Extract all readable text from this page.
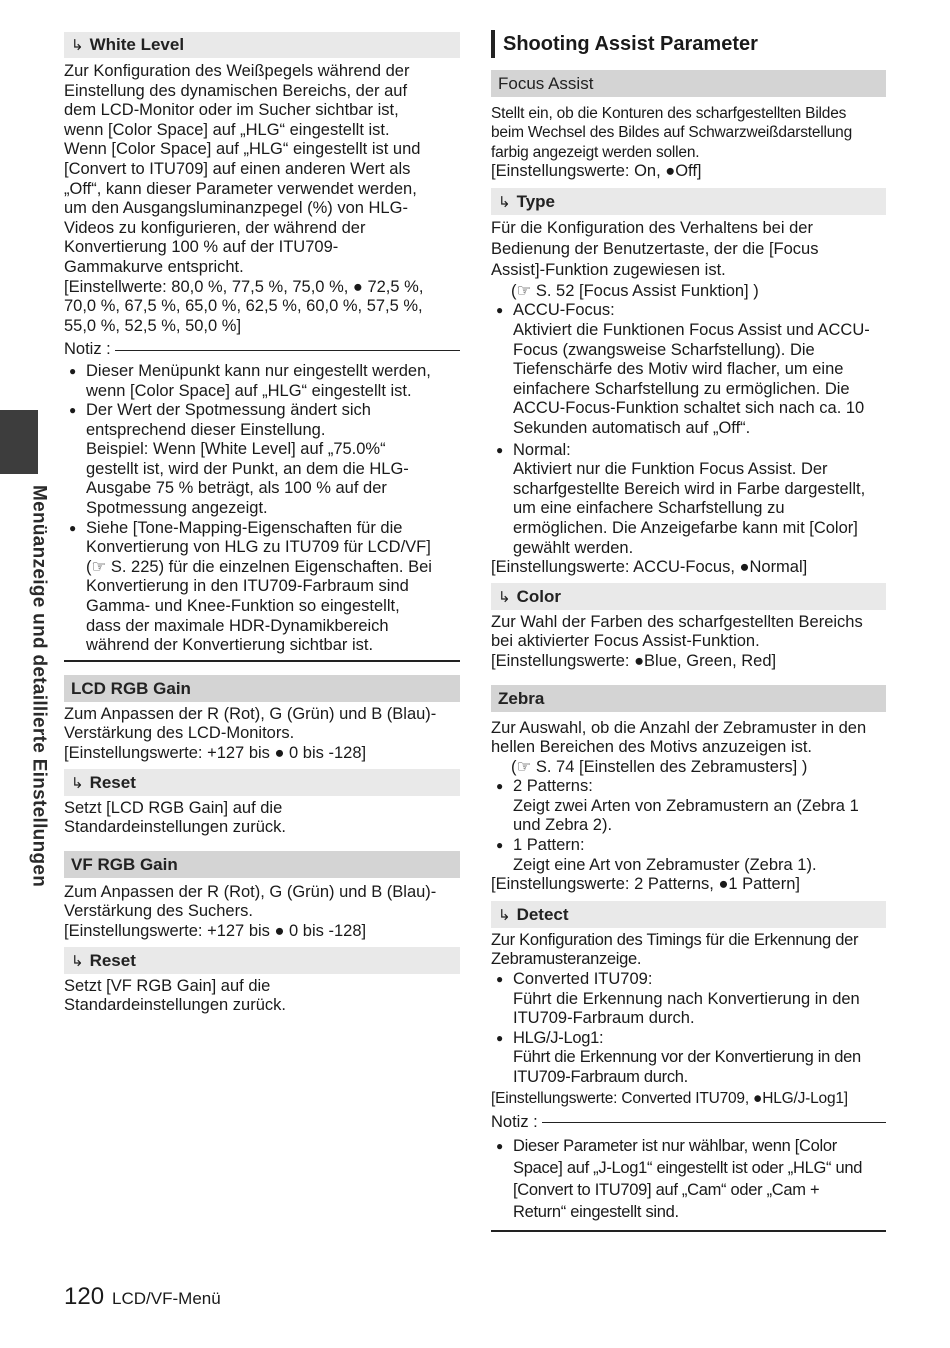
Menüanzeige und detaillierte Einstellungen
↳ White Level

Zur Konfiguration des Weißpegels während der
Einstellung des dynamischen Bereichs, der auf
dem LCD-Monitor oder im Sucher sichtbar ist,
wenn [Color Space] auf „HLG“ eingestellt ist.
Wenn [Color Space] auf „HLG“ eingestellt ist und
[Convert to ITU709] auf einen anderen Wert als
„Off“, kann dieser Parameter verwendet werden,
um den Ausgangsluminanzpegel (%) von HLG-
Videos zu konfigurieren, der während der
Konvertierung 100 % auf der ITU709-
Gammakurve entspricht.
[Einstellwerte: 80,0 %, 77,5 %, 75,0 %, ● 72,5 %,
70,0 %, 67,5 %, 65,0 %, 62,5 %, 60,0 %, 57,5 %,
55,0 %, 52,5 %, 50,0 %]

Notiz :
● Dieser Menüpunkt kann nur eingestellt werden,
wenn [Color Space] auf „HLG“ eingestellt ist.
● Der Wert der Spotmessung ändert sich
entsprechend dieser Einstellung.
Beispiel: Wenn [White Level] auf „75.0%“
gestellt ist, wird der Punkt, an dem die HLG-
Ausgabe 75 % beträgt, als 100 % auf der
Spotmessung angezeigt.
● Siehe [Tone-Mapping-Eigenschaften für die
Konvertierung von HLG zu ITU709 für LCD/VF]
(☞ S. 225) für die einzelnen Eigenschaften. Bei
Konvertierung in den ITU709-Farbraum sind
Gamma- und Knee-Funktion so eingestellt,
dass der maximale HDR-Dynamikbereich
während der Konvertierung sichtbar ist.
LCD RGB Gain

Zum Anpassen der R (Rot), G (Grün) und B (Blau)-
Verstärkung des LCD-Monitors.
[Einstellungswerte: +127 bis ● 0 bis -128]

↳ Reset

Setzt [LCD RGB Gain] auf die
Standardeinstellungen zurück.

VF RGB Gain

Zum Anpassen der R (Rot), G (Grün) und B (Blau)-
Verstärkung des Suchers.
[Einstellungswerte: +127 bis ● 0 bis -128]

↳ Reset

Setzt [VF RGB Gain] auf die
Standardeinstellungen zurück.

Shooting Assist Parameter
Focus Assist

Stellt ein, ob die Konturen des scharfgestellten Bildes
beim Wechsel des Bildes auf Schwarzweißdarstellung
farbig angezeigt werden sollen.

[Einstellungswerte: On, ●Off]

↳ Type

Für die Konfiguration des Verhaltens bei der
Bedienung der Benutzertaste, der die [Focus
Assist]-Funktion zugewiesen ist.

(☞ S. 52 [Focus Assist Funktion] )

● ACCU-Focus:
Aktiviert die Funktionen Focus Assist und ACCU-
Focus (zwangsweise Scharfstellung). Die
Tiefenschärfe des Motiv wird flacher, um eine
einfachere Scharfstellung zu ermöglichen. Die
ACCU-Focus-Funktion schaltet sich nach ca. 10
Sekunden automatisch auf „Off“.
● Normal:
Aktiviert nur die Funktion Focus Assist. Der
scharfgestellte Bereich wird in Farbe dargestellt,
um eine einfachere Scharfstellung zu
ermöglichen. Die Anzeigefarbe kann mit [Color]
gewählt werden.

[Einstellungswerte: ACCU-Focus, ●Normal]

↳ Color

Zur Wahl der Farben des scharfgestellten Bereichs
bei aktivierter Focus Assist-Funktion.
[Einstellungswerte: ●Blue, Green, Red]

Zebra

Zur Auswahl, ob die Anzahl der Zebramuster in den
hellen Bereichen des Motivs anzuzeigen ist.

(☞ S. 74 [Einstellen des Zebramusters] )

● 2 Patterns:
Zeigt zwei Arten von Zebramustern an (Zebra 1
und Zebra 2).
● 1 Pattern:
Zeigt eine Art von Zebramuster (Zebra 1).

[Einstellungswerte: 2 Patterns, ●1 Pattern]

↳ Detect

Zur Konfiguration des Timings für die Erkennung der
Zebramusteranzeige.

● Converted ITU709:
Führt die Erkennung nach Konvertierung in den
ITU709-Farbraum durch.
● HLG/J-Log1:
Führt die Erkennung vor der Konvertierung in den
ITU709-Farbraum durch.

[Einstellungswerte: Converted ITU709, ●HLG/J-Log1]

Notiz :
● Dieser Parameter ist nur wählbar, wenn [Color
Space] auf „J-Log1“ eingestellt ist oder „HLG“ und
[Convert to ITU709] auf „Cam“ oder „Cam +
Return“ eingestellt sind.
120 LCD/VF-Menü
